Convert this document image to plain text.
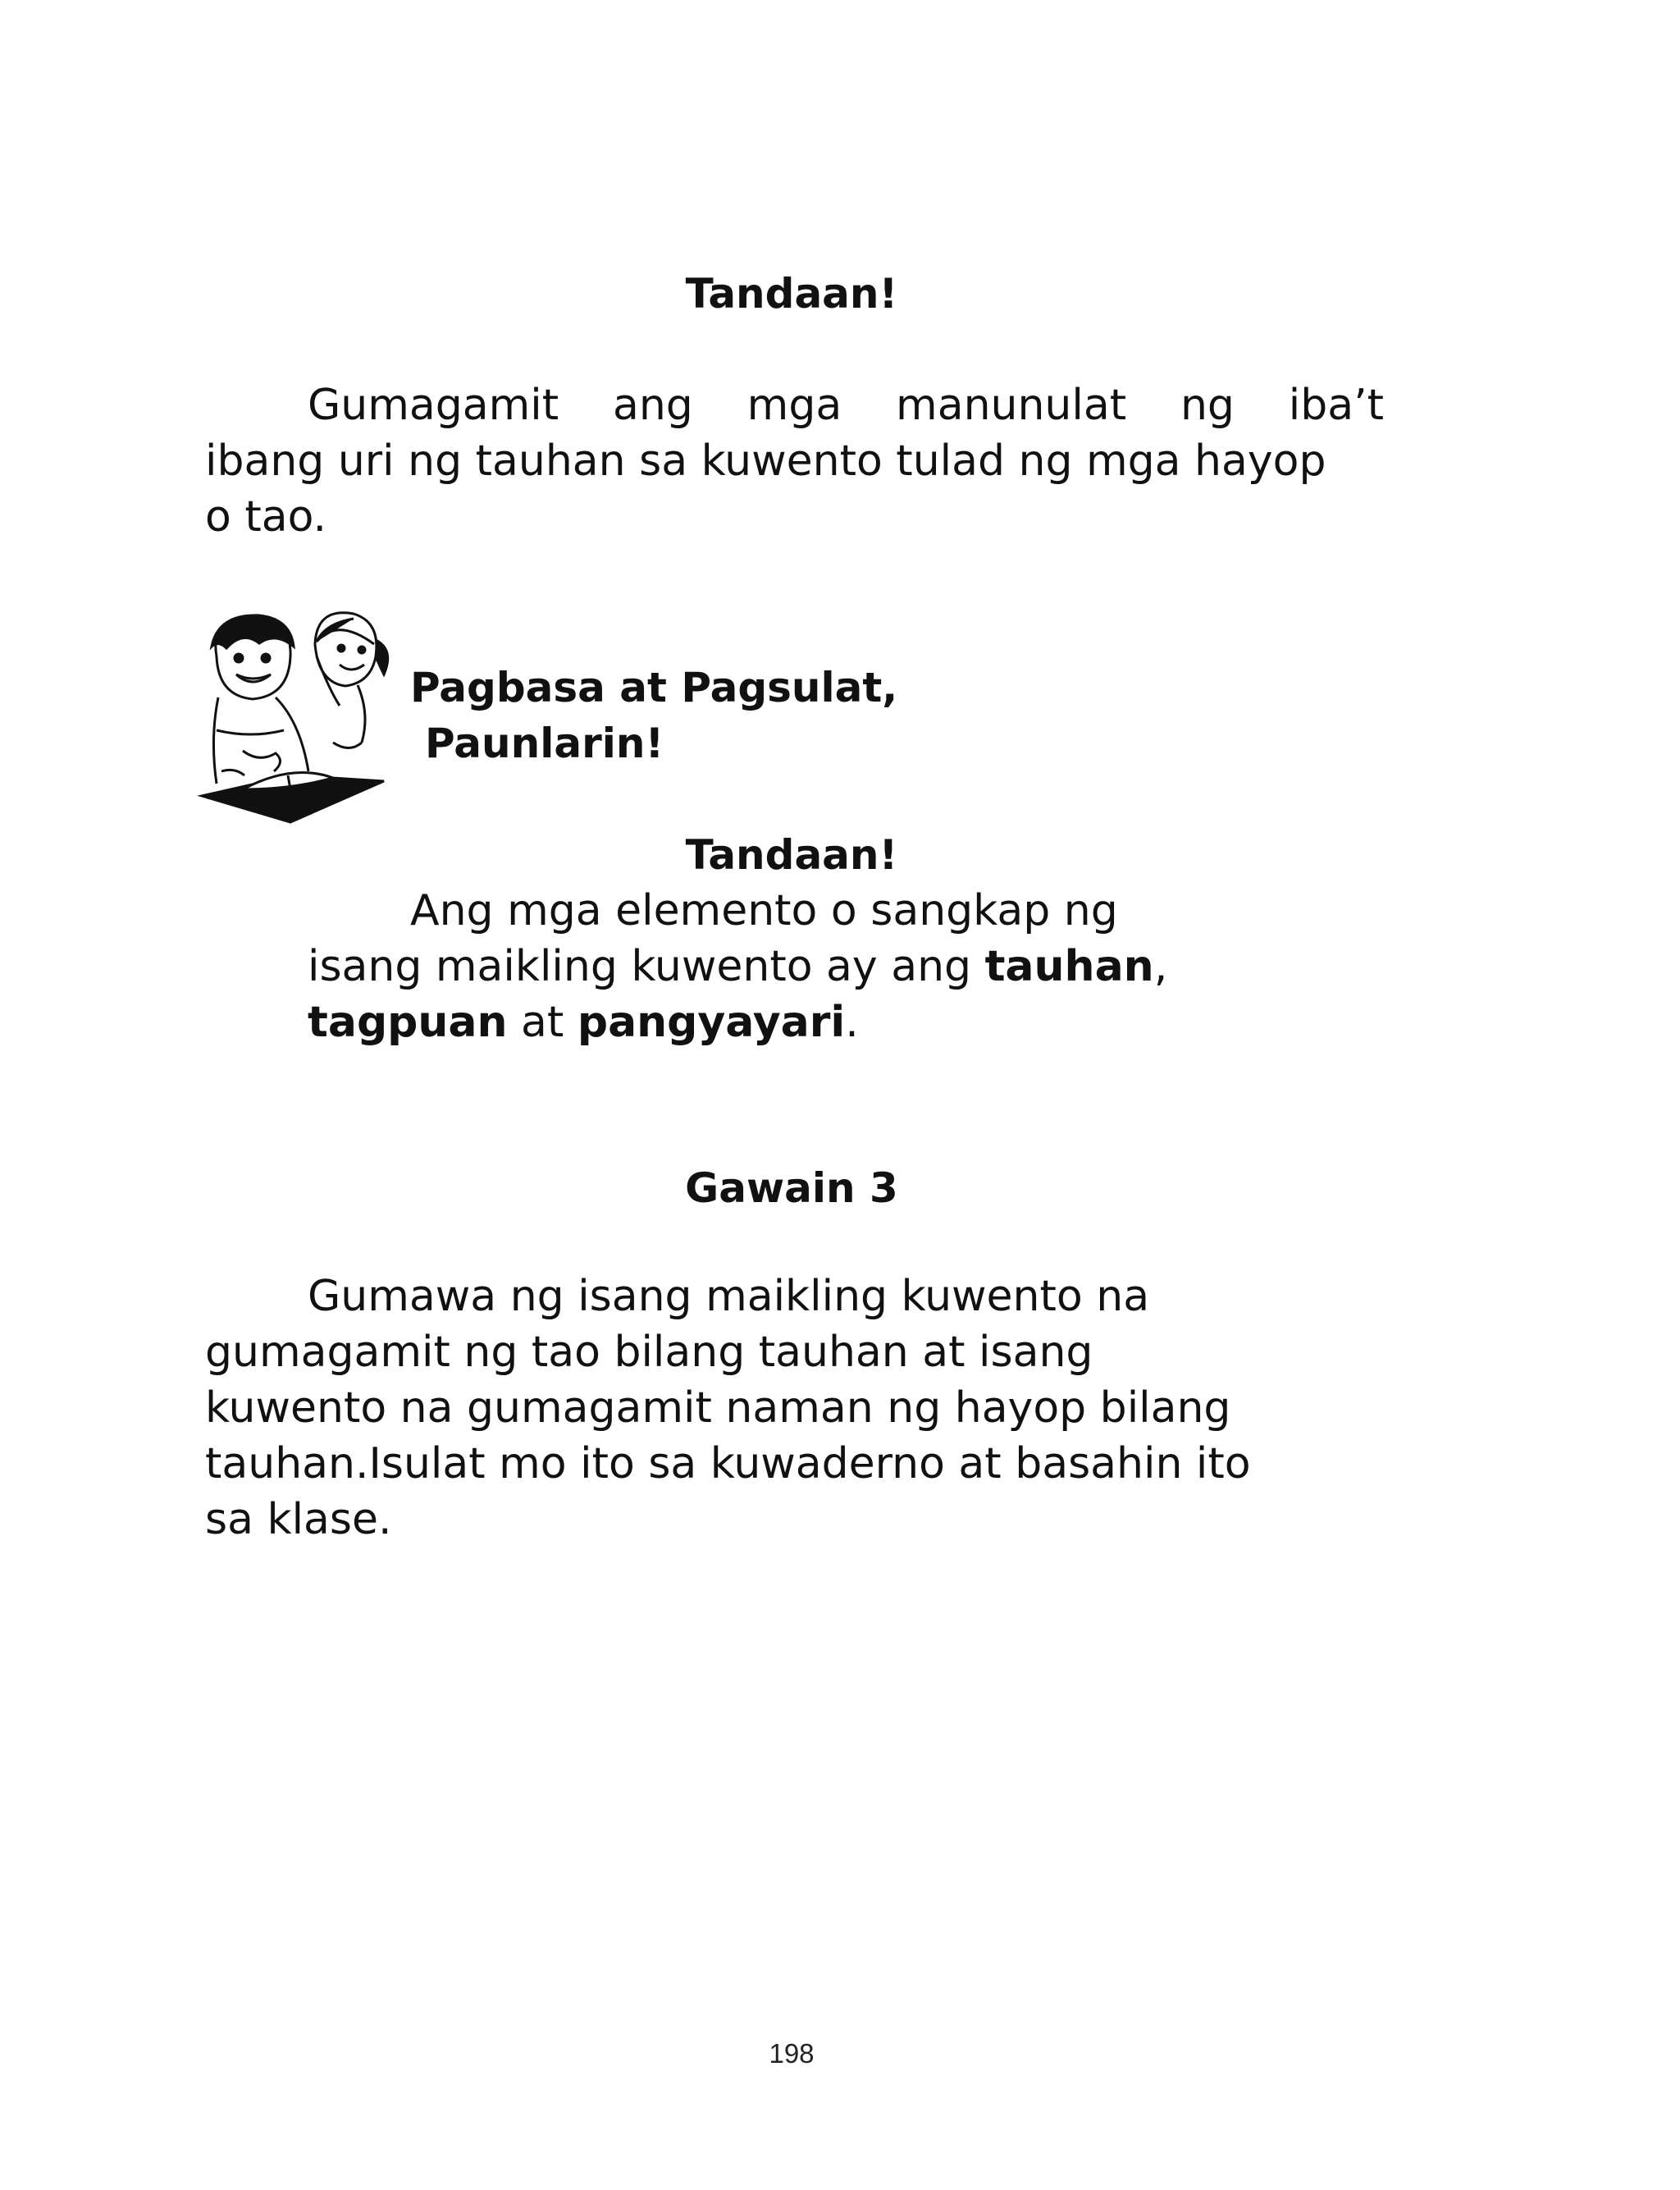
Tandaan!
Gumagamit ang mga manunulat ng iba’t
ibang uri ng tauhan sa kuwento tulad ng mga hayop
o tao.
Pagbasa at Pagsulat,
Paunlarin!
Tandaan!
Ang mga elemento o sangkap ng
isang maikling kuwento ay ang tauhan,
tagpuan at pangyayari.
Gawain 3
Gumawa ng isang maikling kuwento na
gumagamit ng tao bilang tauhan at isang
kuwento na gumagamit naman ng hayop bilang
tauhan.Isulat mo ito sa kuwaderno at basahin ito
sa klase.
198
